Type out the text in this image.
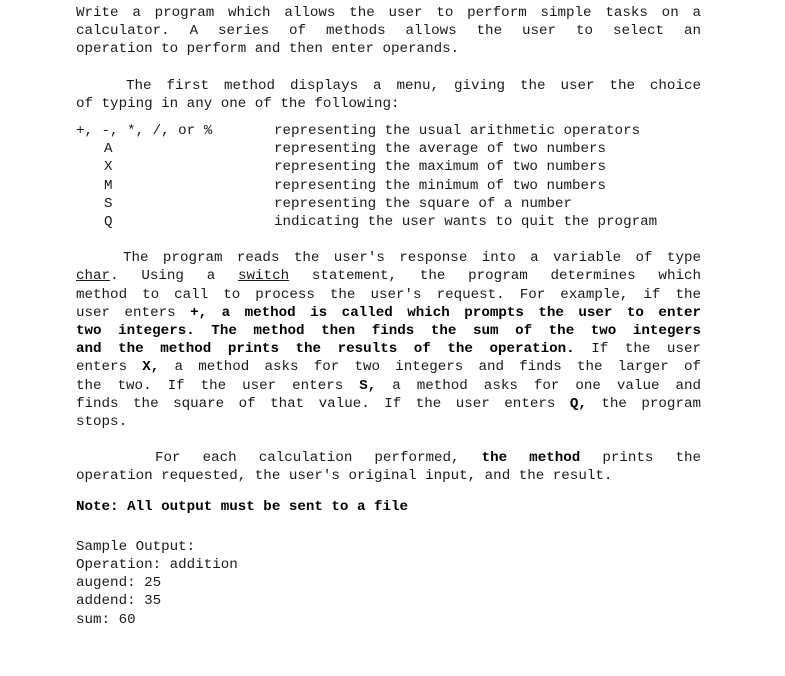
Write a program which allows the user to perform simple tasks on a
calculator. A series of methods allows the user to select an
operation to perform and then enter operands.
The first method displays a menu, giving the user the choice
of typing in any one of the following:
+, -, *, /, or %	representing the usual arithmetic operators
A	representing the average of two numbers
X	representing the maximum of two numbers
M	representing the minimum of two numbers
S	representing the square of a number
Q	indicating the user wants to quit the program
The program reads the user's response into a variable of type
char. Using a switch statement, the program determines which
method to call to process the user's request. For example, if the
user enters +, a method is called which prompts the user to enter
two integers. The method then finds the sum of the two integers
and the method prints the results of the operation. If the user
enters X, a method asks for two integers and finds the larger of
the two. If the user enters S, a method asks for one value and
finds the square of that value. If the user enters Q, the program
stops.
For each calculation performed, the method prints the
operation requested, the user's original input, and the result.
Note: All output must be sent to a file
Sample Output:
Operation: addition
augend: 25
addend: 35
sum: 60
